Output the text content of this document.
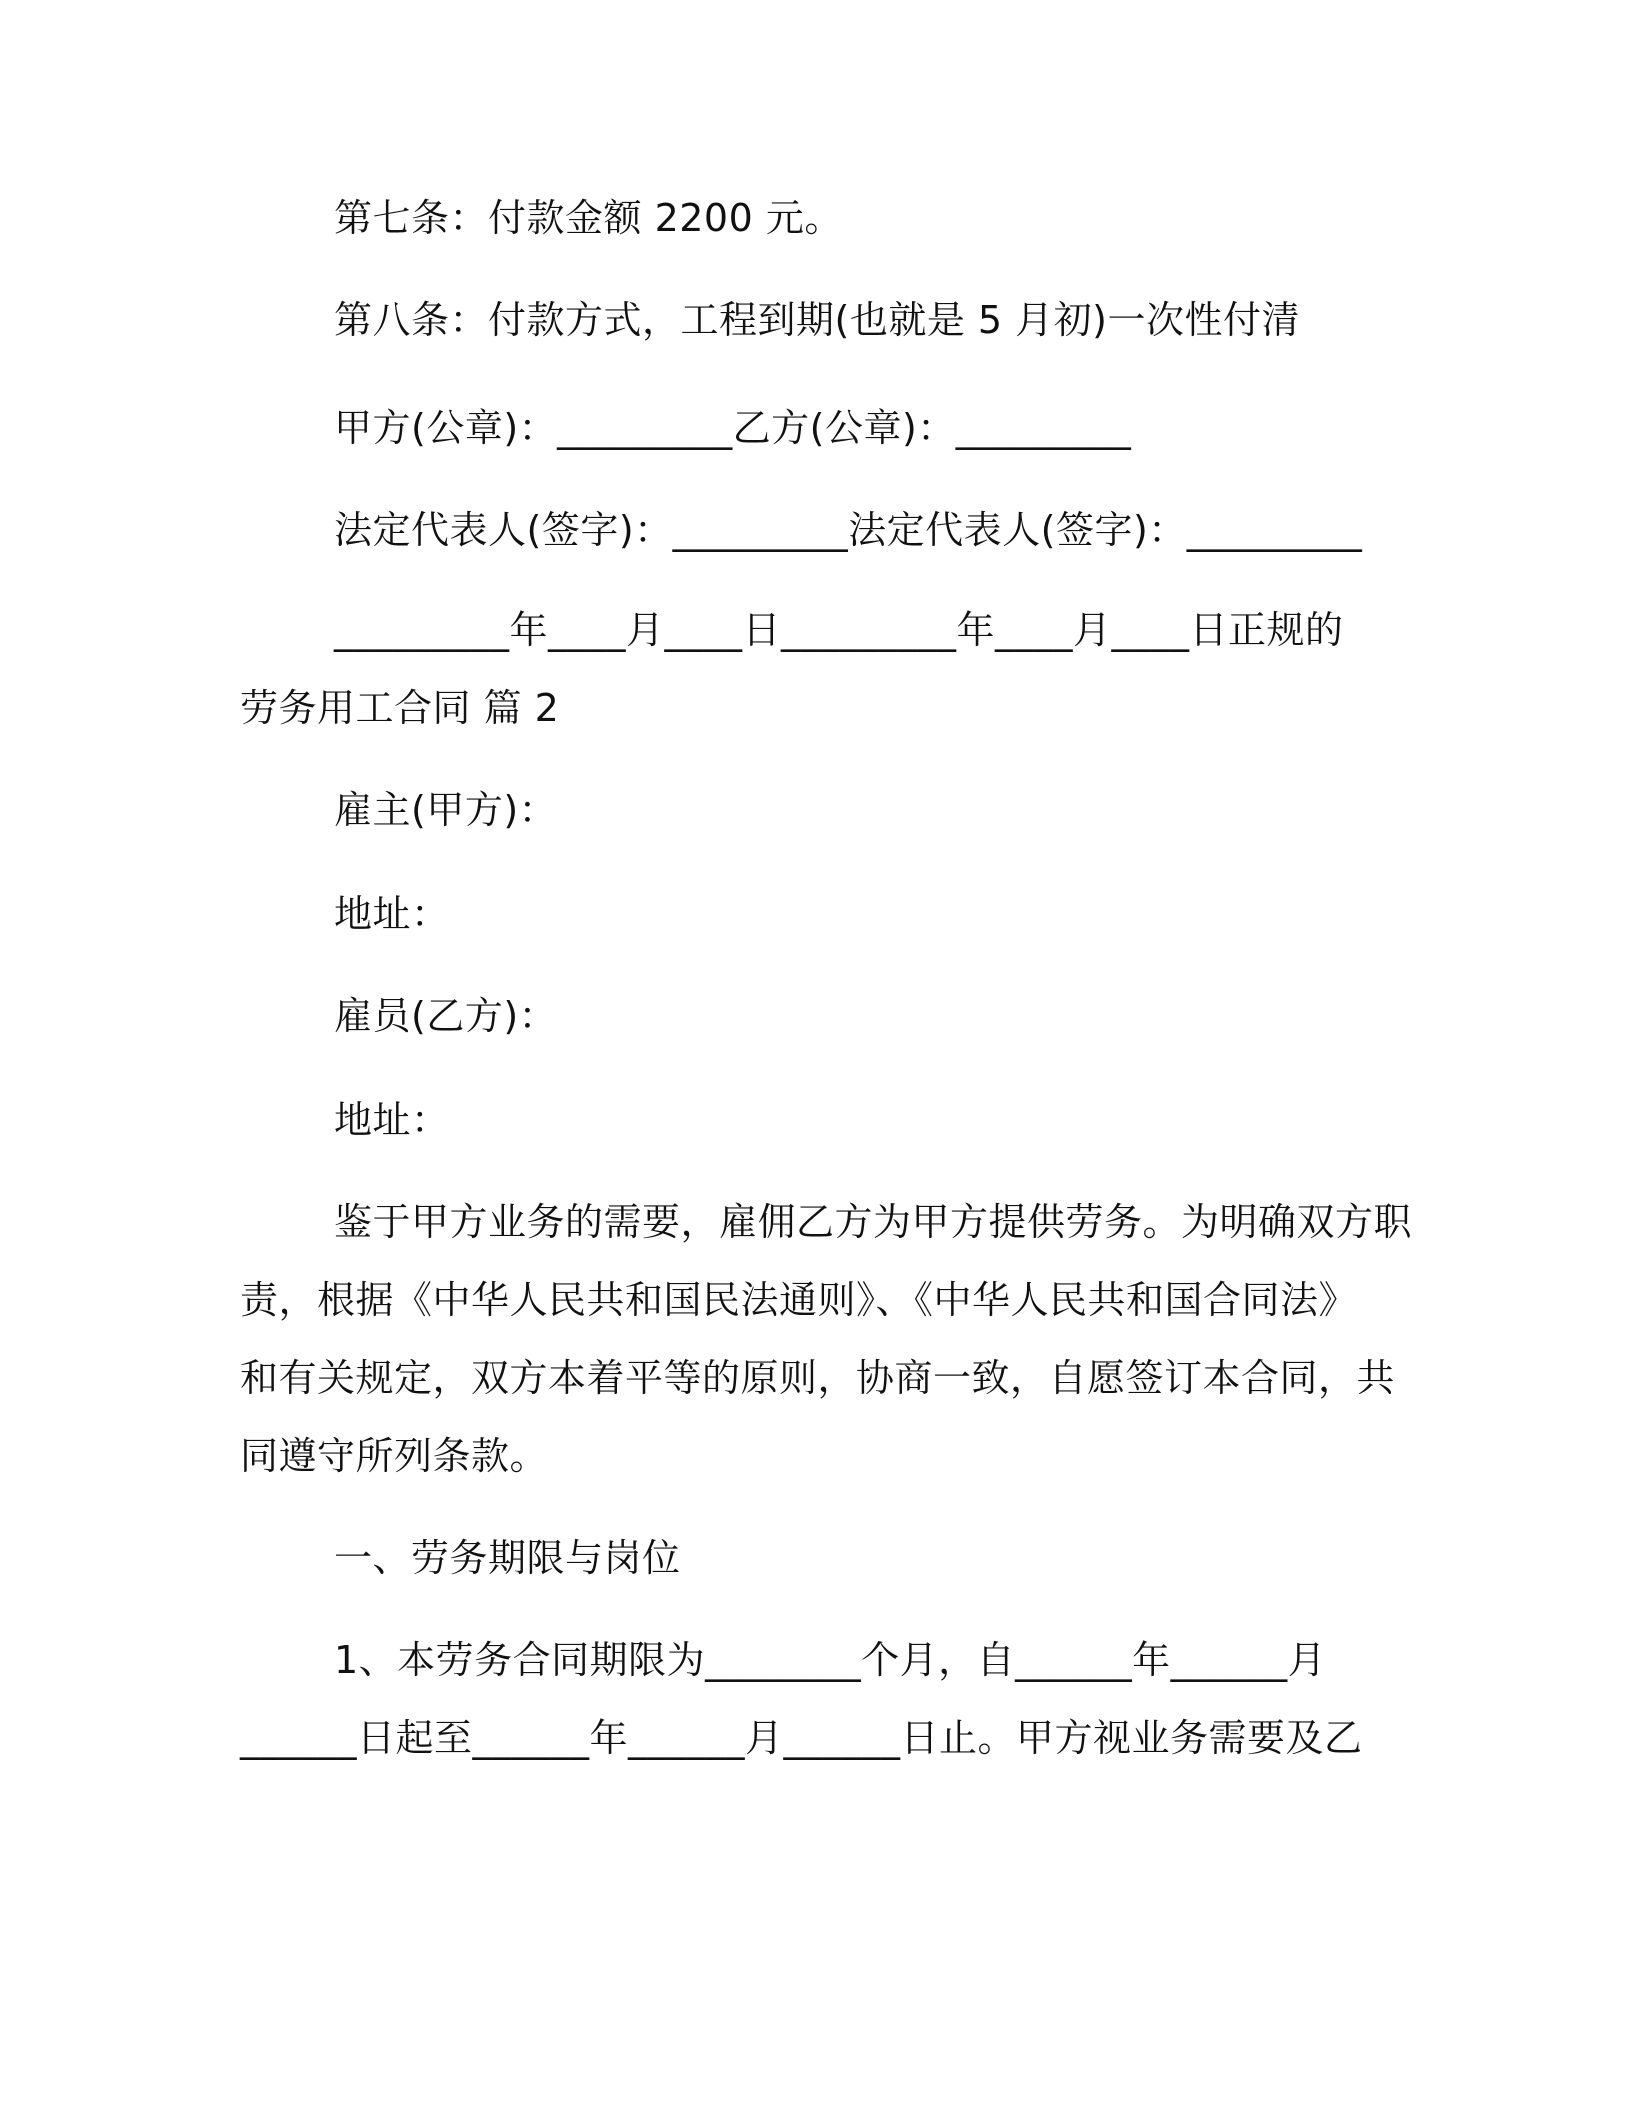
第七条：付款金额 2200 元。
第八条：付款方式，工程到期(也就是 5 月初)一次性付清
甲方(公章)：_________乙方(公章)：_________
法定代表人(签字)：_________法定代表人(签字)：_________
_________年____月____日_________年____月____日正规的
劳务用工合同 篇 2
雇主(甲方)：
地址：
雇员(乙方)：
地址：
鉴于甲方业务的需要，雇佣乙方为甲方提供劳务。为明确双方职
责，根据《中华人民共和国民法通则》、《中华人民共和国合同法》
和有关规定，双方本着平等的原则，协商一致，自愿签订本合同，共
同遵守所列条款。
一、劳务期限与岗位
1、本劳务合同期限为________个月，自______年______月
______日起至______年______月______日止。甲方视业务需要及乙
